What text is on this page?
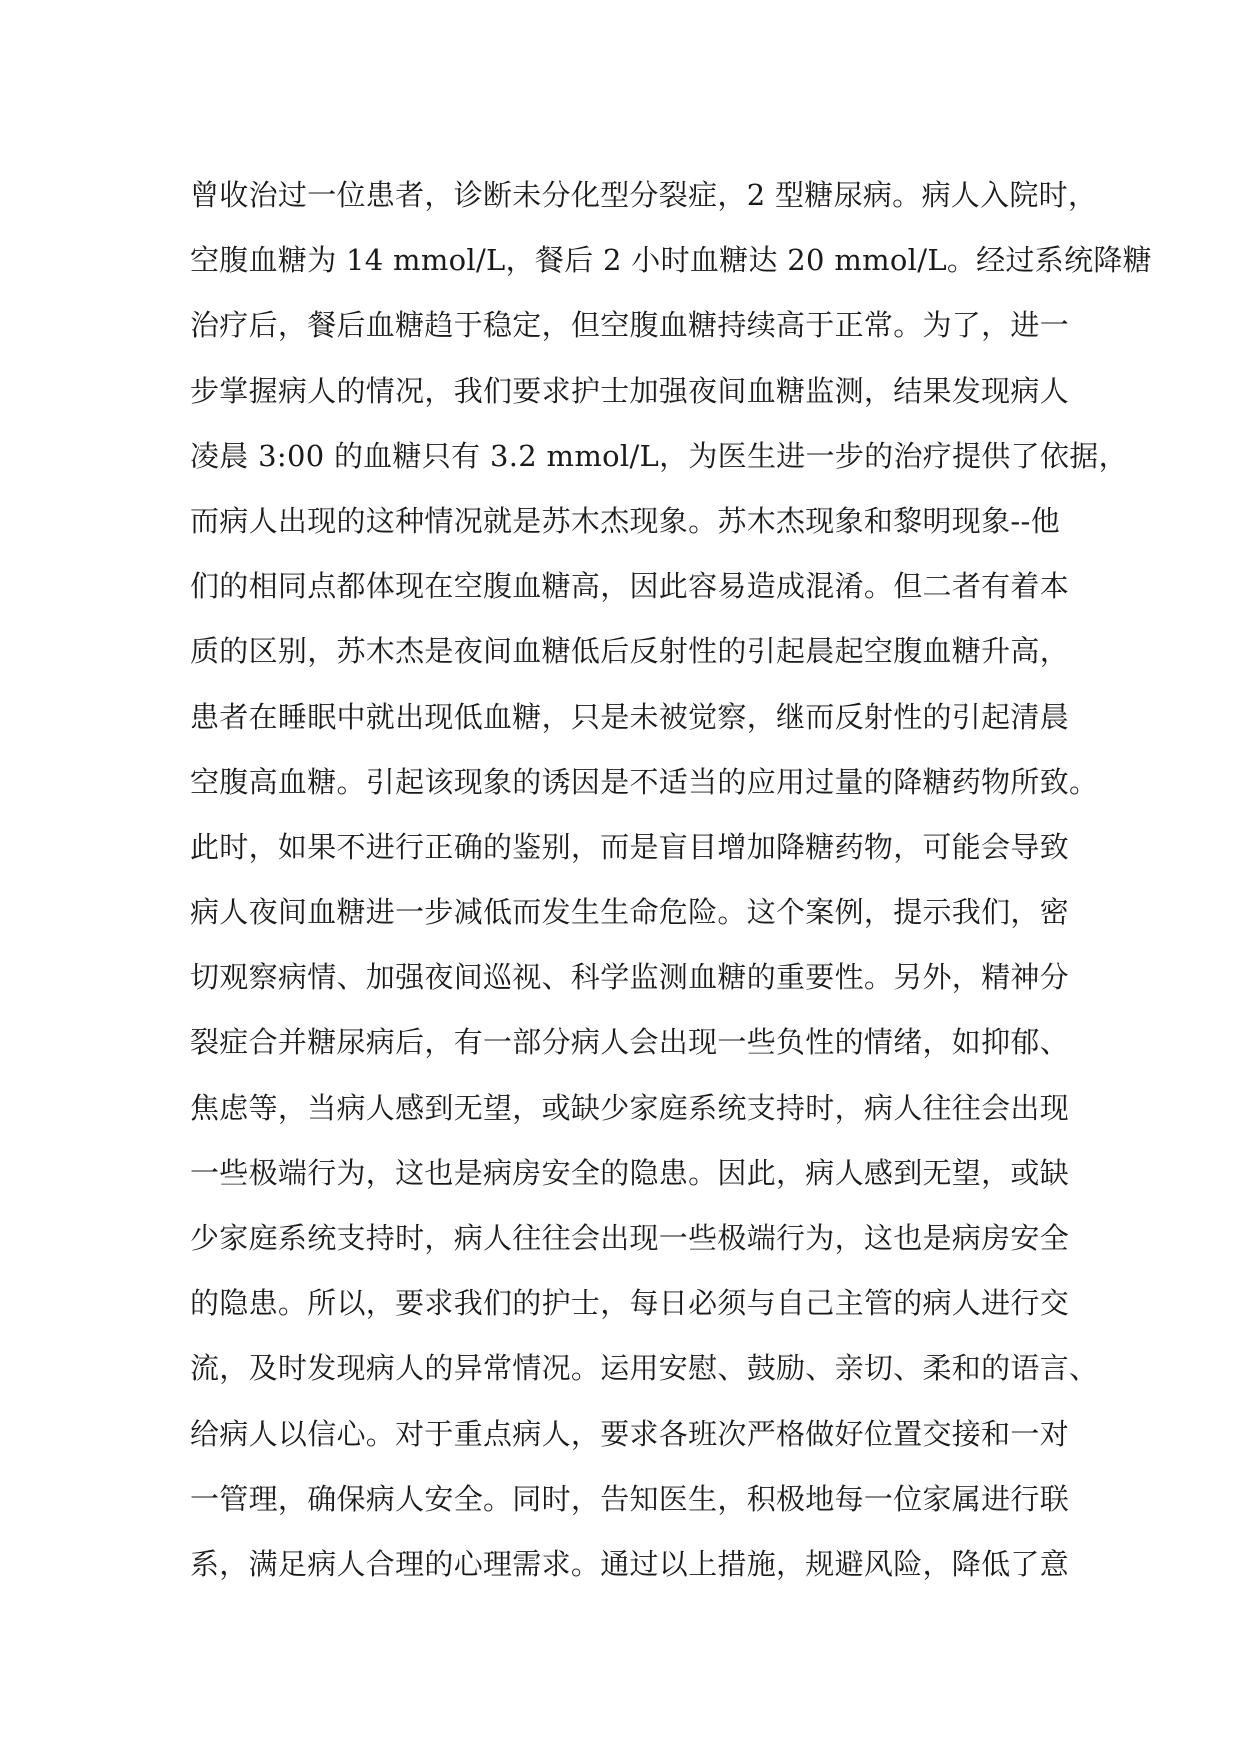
曾收治过一位患者，诊断未分化型分裂症，2 型糖尿病。病人入院时，
空腹血糖为 14 mmol/L，餐后 2 小时血糖达 20 mmol/L。经过系统降糖
治疗后，餐后血糖趋于稳定，但空腹血糖持续高于正常。为了，进一
步掌握病人的情况，我们要求护士加强夜间血糖监测，结果发现病人
凌晨 3:00 的血糖只有 3.2 mmol/L，为医生进一步的治疗提供了依据，
而病人出现的这种情况就是苏木杰现象。苏木杰现象和黎明现象--他
们的相同点都体现在空腹血糖高，因此容易造成混淆。但二者有着本
质的区别，苏木杰是夜间血糖低后反射性的引起晨起空腹血糖升高，
患者在睡眠中就出现低血糖，只是未被觉察，继而反射性的引起清晨
空腹高血糖。引起该现象的诱因是不适当的应用过量的降糖药物所致。
此时，如果不进行正确的鉴别，而是盲目增加降糖药物，可能会导致
病人夜间血糖进一步减低而发生生命危险。这个案例，提示我们，密
切观察病情、加强夜间巡视、科学监测血糖的重要性。另外，精神分
裂症合并糖尿病后，有一部分病人会出现一些负性的情绪，如抑郁、
焦虑等，当病人感到无望，或缺少家庭系统支持时，病人往往会出现
一些极端行为，这也是病房安全的隐患。因此，病人感到无望，或缺
少家庭系统支持时，病人往往会出现一些极端行为，这也是病房安全
的隐患。所以，要求我们的护士，每日必须与自己主管的病人进行交
流，及时发现病人的异常情况。运用安慰、鼓励、亲切、柔和的语言、
给病人以信心。对于重点病人，要求各班次严格做好位置交接和一对
一管理，确保病人安全。同时，告知医生，积极地每一位家属进行联
系，满足病人合理的心理需求。通过以上措施，规避风险，降低了意
